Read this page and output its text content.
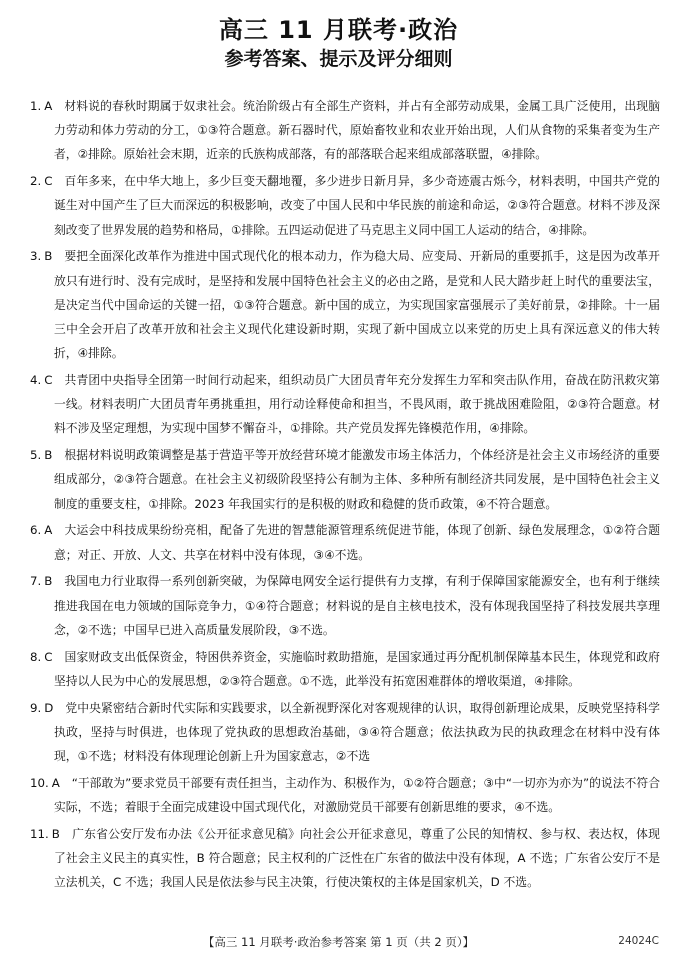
高三 11 月联考·政治
参考答案、提示及评分细则

1. A　 材料说的春秋时期属于奴隶社会。统治阶级占有全部生产资料，并占有全部劳动成果，金属工具广泛使用，出现脑力劳动和体力劳动的分工，①③符合题意。新石器时代，原始畜牧业和农业开始出现，人们从食物的采集者变为生产者，②排除。原始社会末期，近亲的氏族构成部落，有的部落联合起来组成部落联盟，④排除。

2. C　 百年多来，在中华大地上，多少巨变天翻地覆，多少进步日新月异，多少奇迹震古烁今，材料表明，中国共产党的诞生对中国产生了巨大而深远的积极影响，改变了中国人民和中华民族的前途和命运，②③符合题意。材料不涉及深刻改变了世界发展的趋势和格局，①排除。五四运动促进了马克思主义同中国工人运动的结合，④排除。

3. B　 要把全面深化改革作为推进中国式现代化的根本动力，作为稳大局、应变局、开新局的重要抓手，这是因为改革开放只有进行时、没有完成时，是坚持和发展中国特色社会主义的必由之路，是党和人民大踏步赶上时代的重要法宝，是决定当代中国命运的关键一招，①③符合题意。新中国的成立，为实现国家富强展示了美好前景，②排除。十一届三中全会开启了改革开放和社会主义现代化建设新时期，实现了新中国成立以来党的历史上具有深远意义的伟大转折，④排除。

4. C　 共青团中央指导全团第一时间行动起来，组织动员广大团员青年充分发挥生力军和突击队作用，奋战在防汛救灾第一线。材料表明广大团员青年勇挑重担，用行动诠释使命和担当，不畏风雨，敢于挑战困难险阻，②③符合题意。材料不涉及坚定理想，为实现中国梦不懈奋斗，①排除。共产党员发挥先锋模范作用，④排除。

5. B　 根据材料说明政策调整是基于营造平等开放经营环境才能激发市场主体活力，个体经济是社会主义市场经济的重要组成部分，②③符合题意。在社会主义初级阶段坚持公有制为主体、多种所有制经济共同发展，是中国特色社会主义制度的重要支柱，①排除。2023 年我国实行的是积极的财政和稳健的货币政策，④不符合题意。

6. A　 大运会中科技成果纷纷亮相，配备了先进的智慧能源管理系统促进节能，体现了创新、绿色发展理念，①②符合题意；对正、开放、人文、共享在材料中没有体现，③④不选。

7. B　 我国电力行业取得一系列创新突破，为保障电网安全运行提供有力支撑，有利于保障国家能源安全，也有利于继续推进我国在电力领域的国际竞争力，①④符合题意；材料说的是自主核电技术，没有体现我国坚持了科技发展共享理念，②不选；中国早已进入高质量发展阶段，③不选。

8. C　 国家财政支出低保资金，特困供养资金，实施临时救助措施，是国家通过再分配机制保障基本民生，体现党和政府坚持以人民为中心的发展思想，②③符合题意。①不选，此举没有拓宽困难群体的增收渠道，④排除。

9. D　 党中央紧密结合新时代实际和实践要求，以全新视野深化对客观规律的认识，取得创新理论成果，反映党坚持科学执政，坚持与时俱进，也体现了党执政的思想政治基础，③④符合题意；依法执政为民的执政理念在材料中没有体现，①不选；材料没有体现理论创新上升为国家意志，②不选

10. A　 “干部敢为”要求党员干部要有责任担当，主动作为、积极作为，①②符合题意；③中“一切亦为亦为”的说法不符合实际，不选；着眼于全面完成建设中国式现代化，对激励党员干部要有创新思维的要求，④不选。

11. B　 广东省公安厅发布办法《公开征求意见稿》向社会公开征求意见，尊重了公民的知情权、参与权、表达权，体现了社会主义民主的真实性，B 符合题意；民主权利的广泛性在广东省的做法中没有体现，A 不选；广东省公安厅不是立法机关，C 不选；我国人民是依法参与民主决策，行使决策权的主体是国家机关，D 不选。

【高三 11 月联考·政治参考答案 第 1 页（共 2 页）】	24024C
